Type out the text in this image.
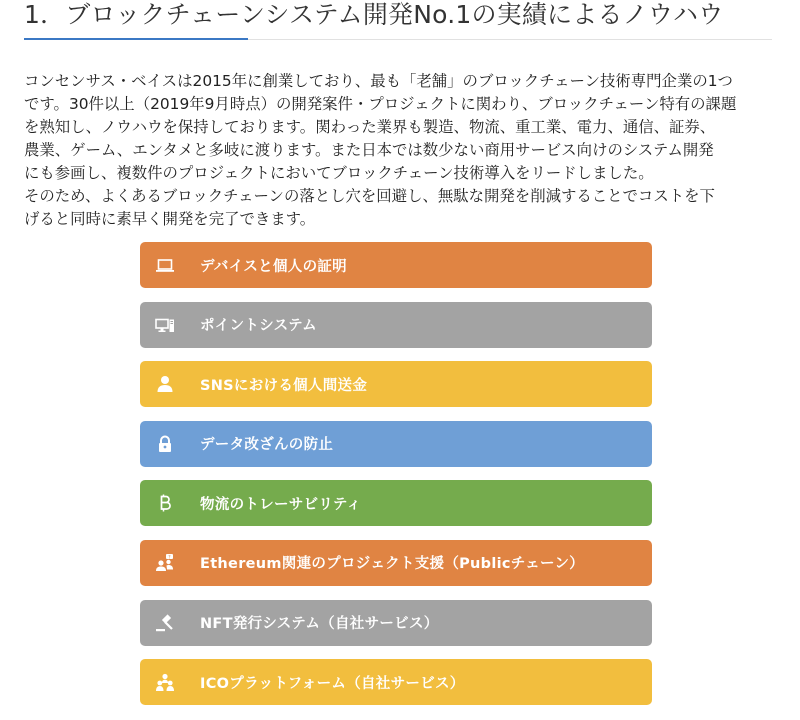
1．ブロックチェーンシステム開発No.1の実績によるノウハウ
コンセンサス・ベイスは2015年に創業しており、最も「老舗」のブロックチェーン技術専門企業の1つ
です。30件以上（2019年9月時点）の開発案件・プロジェクトに関わり、ブロックチェーン特有の課題
を熟知し、ノウハウを保持しております。関わった業界も製造、物流、重工業、電力、通信、証券、
農業、ゲーム、エンタメと多岐に渡ります。また日本では数少ない商用サービス向けのシステム開発
にも参画し、複数件のプロジェクトにおいてブロックチェーン技術導入をリードしました。
そのため、よくあるブロックチェーンの落とし穴を回避し、無駄な開発を削減することでコストを下
げると同時に素早く開発を完了できます。
デバイスと個人の証明
ポイントシステム
SNSにおける個人間送金
データ改ざんの防止
物流のトレーサビリティ
? Ethereum関連のプロジェクト支援（Publicチェーン）
NFT発行システム（自社サービス）
ICOプラットフォーム（自社サービス）
